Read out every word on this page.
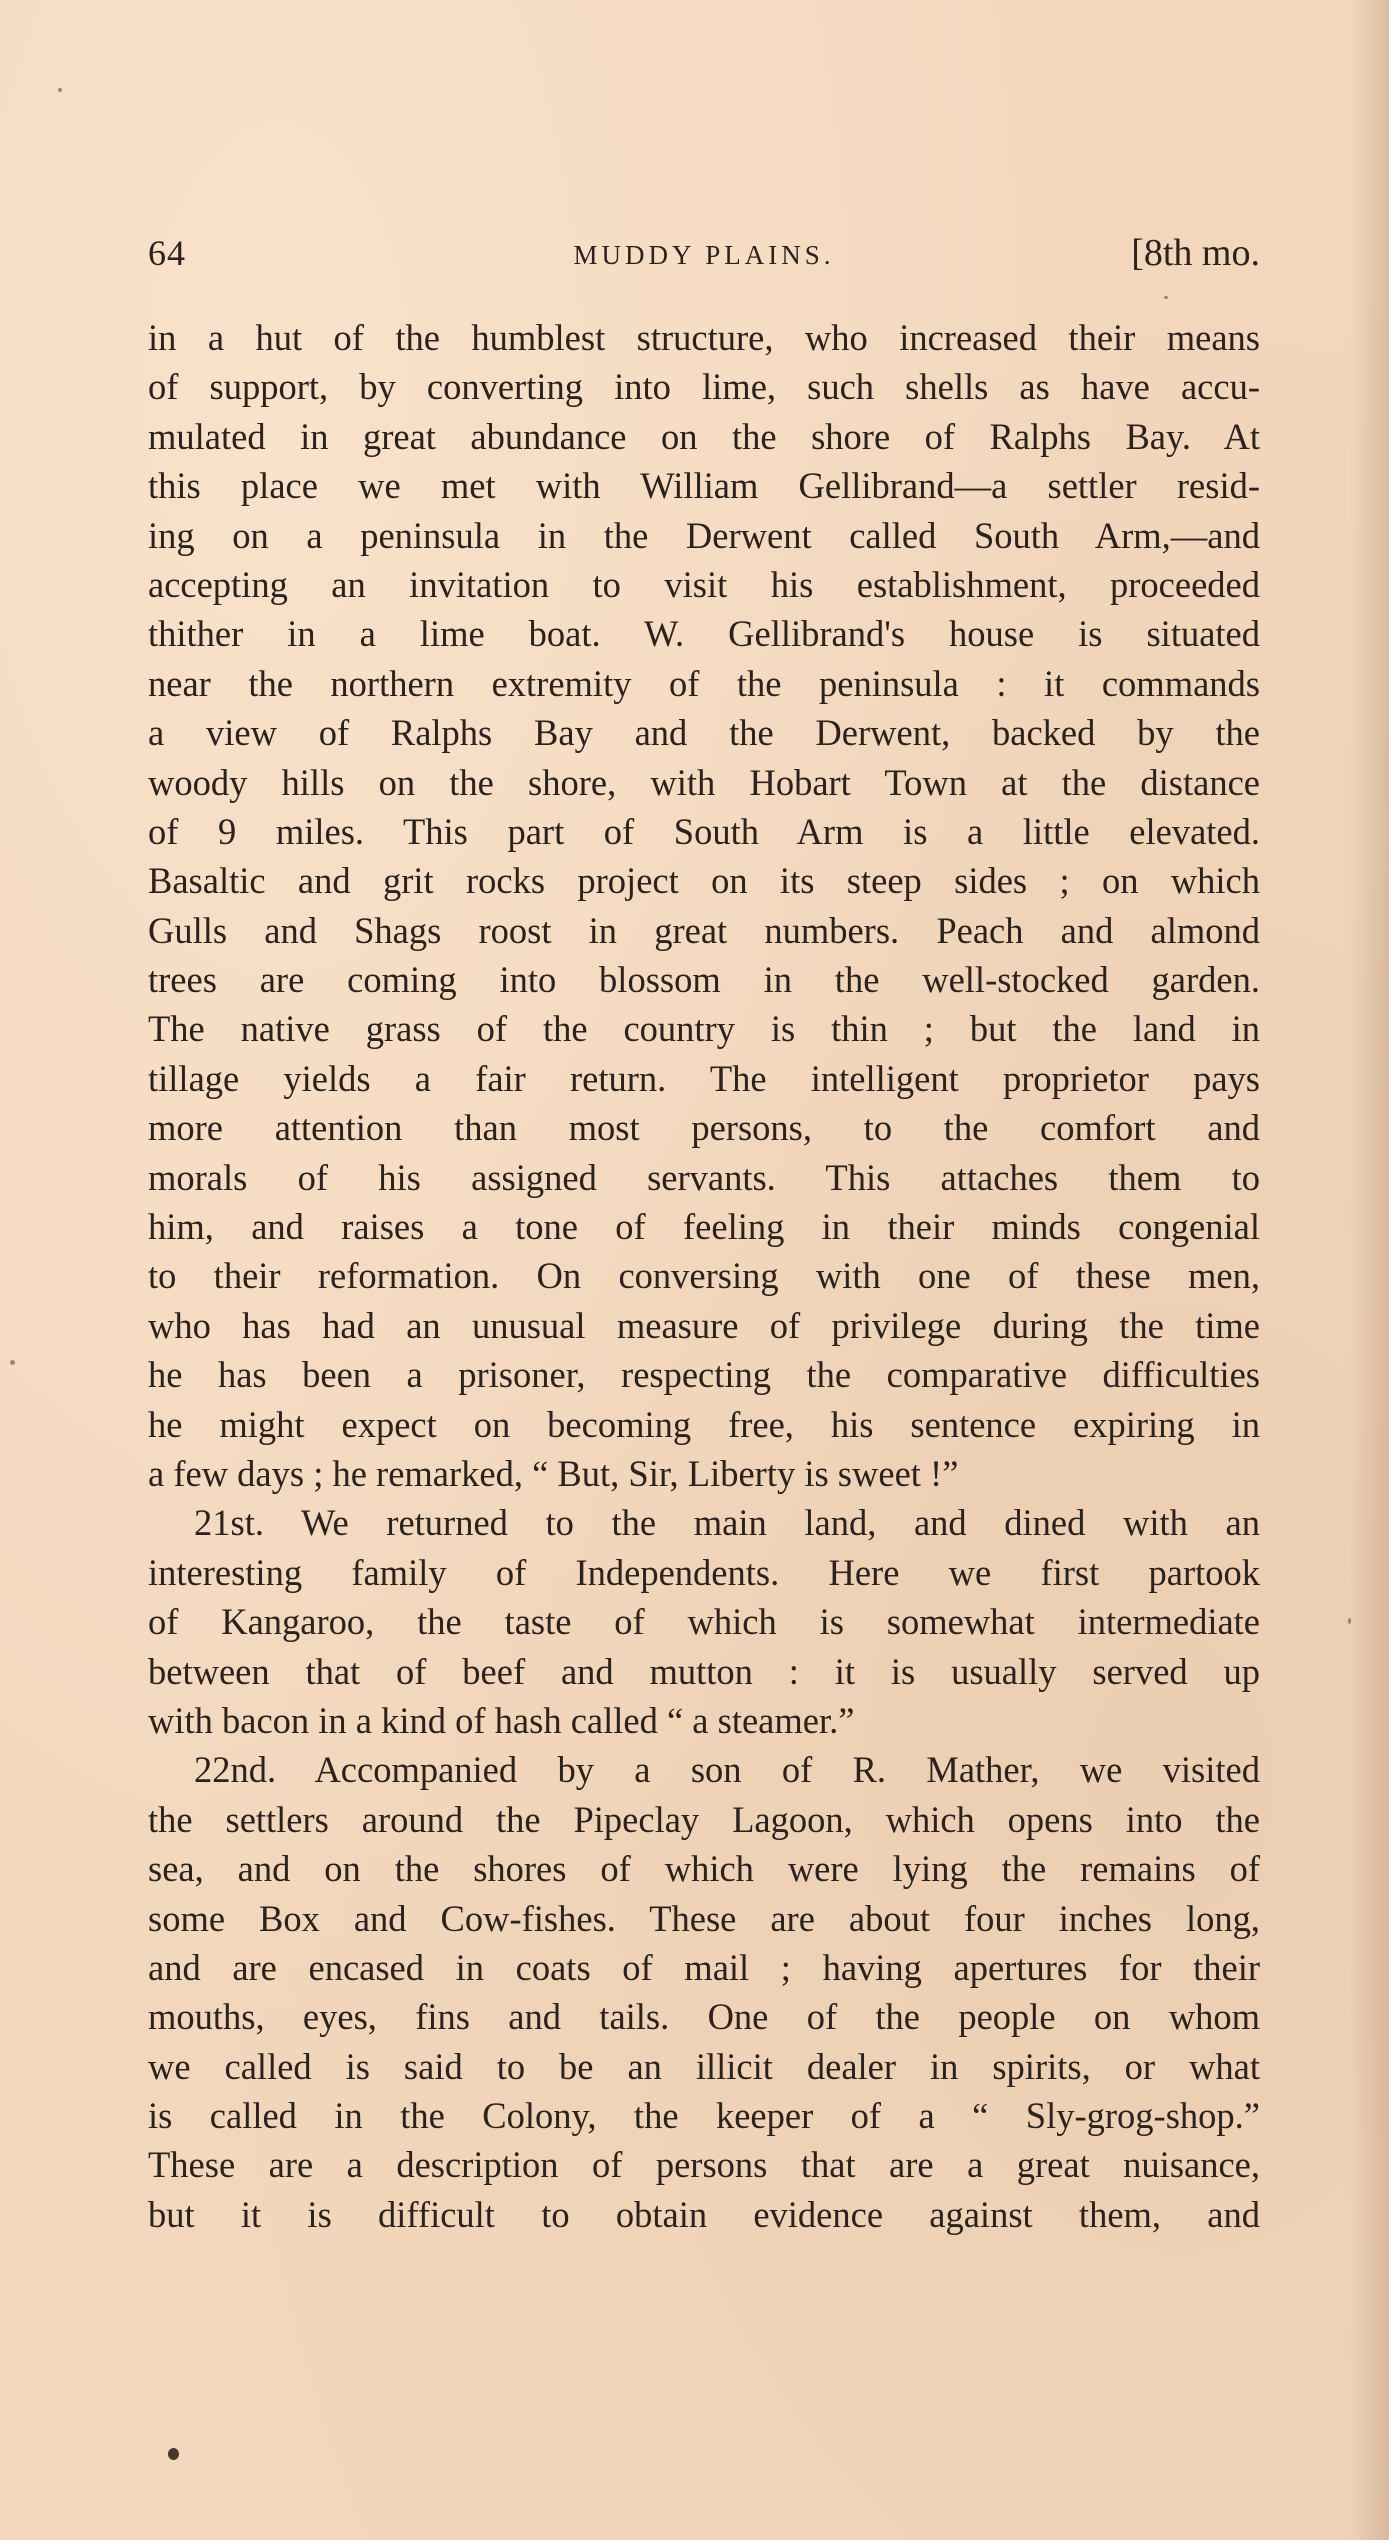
64	MUDDY PLAINS.	[8th mo.
in a hut of the humblest structure, who increased their means
of support, by converting into lime, such shells as have accu-
mulated in great abundance on the shore of Ralphs Bay. At
this place we met with William Gellibrand—a settler resid-
ing on a peninsula in the Derwent called South Arm,—and
accepting an invitation to visit his establishment, proceeded
thither in a lime boat. W. Gellibrand's house is situated
near the northern extremity of the peninsula : it commands
a view of Ralphs Bay and the Derwent, backed by the
woody hills on the shore, with Hobart Town at the distance
of 9 miles. This part of South Arm is a little elevated.
Basaltic and grit rocks project on its steep sides ; on which
Gulls and Shags roost in great numbers. Peach and almond
trees are coming into blossom in the well-stocked garden.
The native grass of the country is thin ; but the land in
tillage yields a fair return. The intelligent proprietor pays
more attention than most persons, to the comfort and
morals of his assigned servants. This attaches them to
him, and raises a tone of feeling in their minds congenial
to their reformation. On conversing with one of these men,
who has had an unusual measure of privilege during the time
he has been a prisoner, respecting the comparative difficulties
he might expect on becoming free, his sentence expiring in
a few days ; he remarked, “ But, Sir, Liberty is sweet !”
21st. We returned to the main land, and dined with an
interesting family of Independents. Here we first partook
of Kangaroo, the taste of which is somewhat intermediate
between that of beef and mutton : it is usually served up
with bacon in a kind of hash called “ a steamer.”
22nd. Accompanied by a son of R. Mather, we visited
the settlers around the Pipeclay Lagoon, which opens into the
sea, and on the shores of which were lying the remains of
some Box and Cow-fishes. These are about four inches long,
and are encased in coats of mail ; having apertures for their
mouths, eyes, fins and tails. One of the people on whom
we called is said to be an illicit dealer in spirits, or what
is called in the Colony, the keeper of a “ Sly-grog-shop.”
These are a description of persons that are a great nuisance,
but it is difficult to obtain evidence against them, and
